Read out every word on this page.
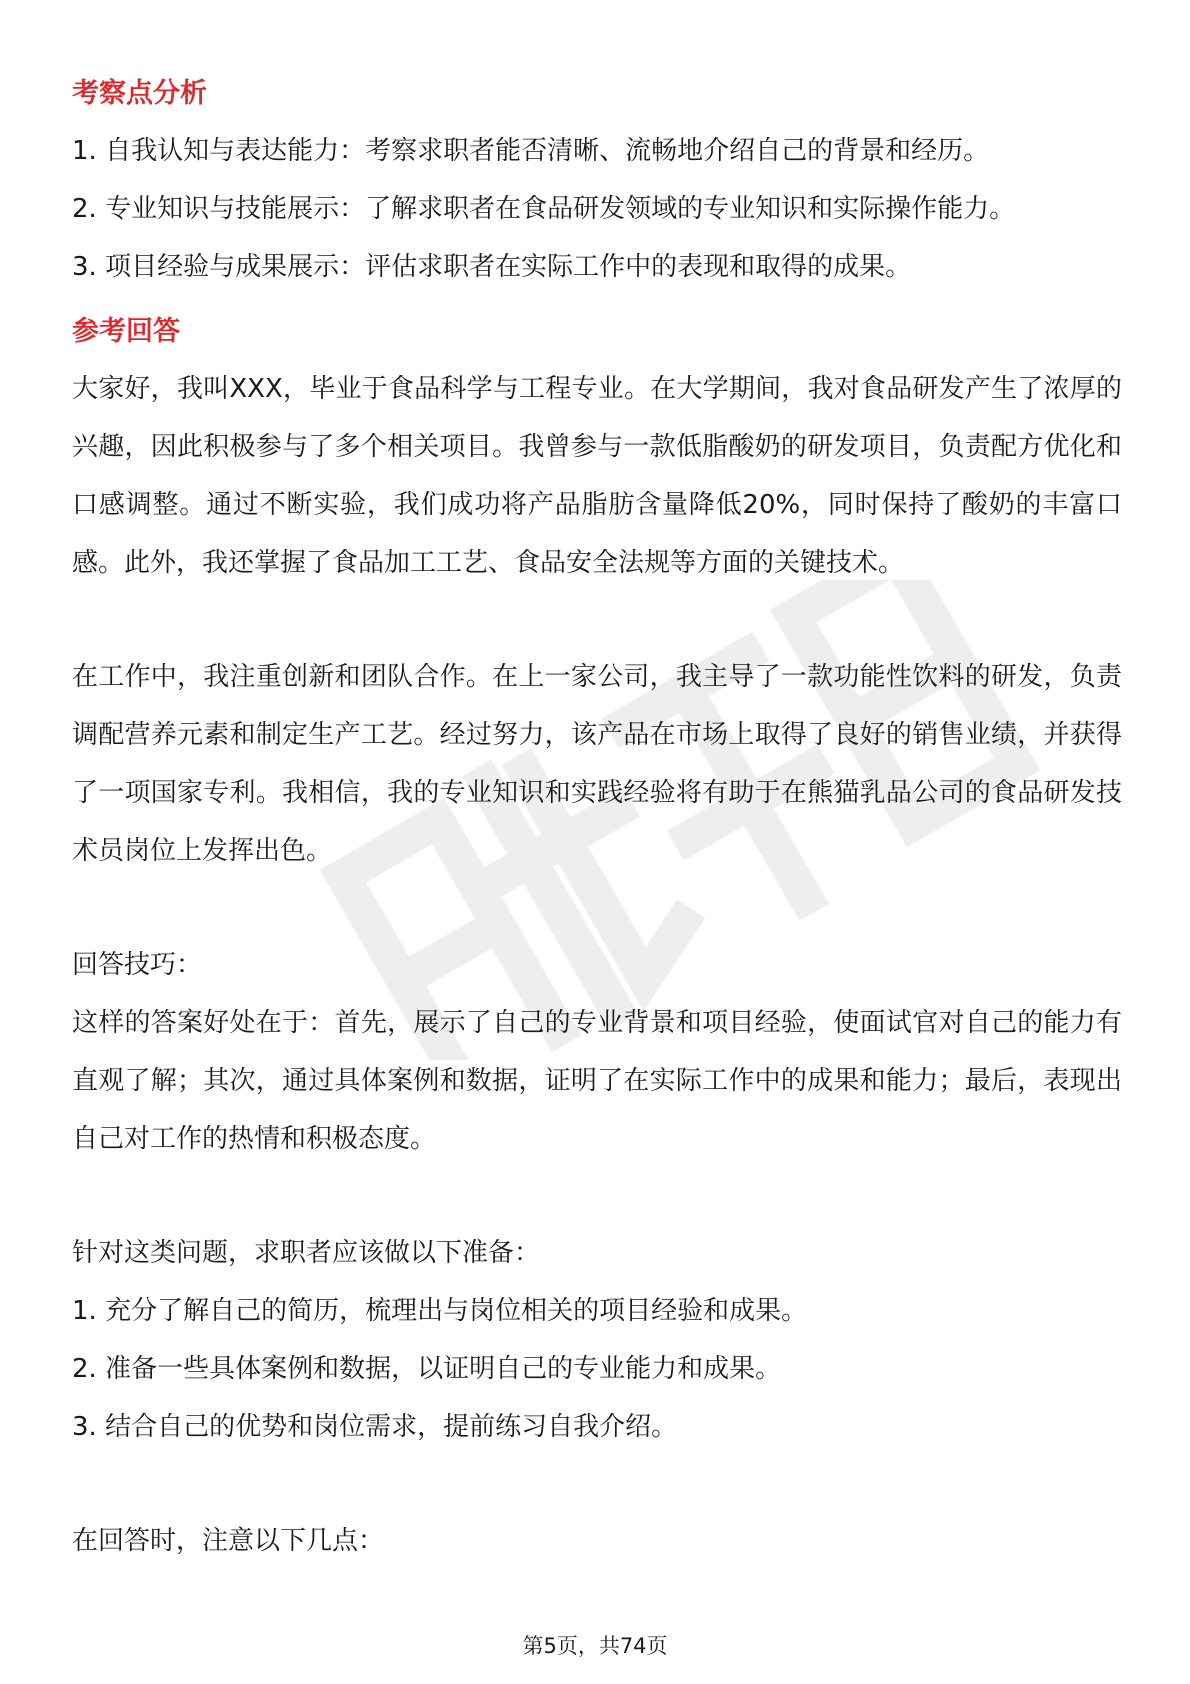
考察点分析
1. 自我认知与表达能力：考察求职者能否清晰、流畅地介绍自己的背景和经历。
2. 专业知识与技能展示：了解求职者在食品研发领域的专业知识和实际操作能力。
3. 项目经验与成果展示：评估求职者在实际工作中的表现和取得的成果。
参考回答

大家好，我叫XXX，毕业于食品科学与工程专业。在大学期间，我对食品研发产生了浓厚的兴趣，因此积极参与了多个相关项目。我曾参与一款低脂酸奶的研发项目，负责配方优化和口感调整。通过不断实验，我们成功将产品脂肪含量降低20%，同时保持了酸奶的丰富口感。此外，我还掌握了食品加工工艺、食品安全法规等方面的关键技术。

在工作中，我注重创新和团队合作。在上一家公司，我主导了一款功能性饮料的研发，负责调配营养元素和制定生产工艺。经过努力，该产品在市场上取得了良好的销售业绩，并获得了一项国家专利。我相信，我的专业知识和实践经验将有助于在熊猫乳品公司的食品研发技术员岗位上发挥出色。

回答技巧：

这样的答案好处在于：首先，展示了自己的专业背景和项目经验，使面试官对自己的能力有直观了解；其次，通过具体案例和数据，证明了在实际工作中的成果和能力；最后，表现出自己对工作的热情和积极态度。

针对这类问题，求职者应该做以下准备：
1. 充分了解自己的简历，梳理出与岗位相关的项目经验和成果。
2. 准备一些具体案例和数据，以证明自己的专业能力和成果。
3. 结合自己的优势和岗位需求，提前练习自我介绍。
在回答时，注意以下几点：
第5页，共74页
